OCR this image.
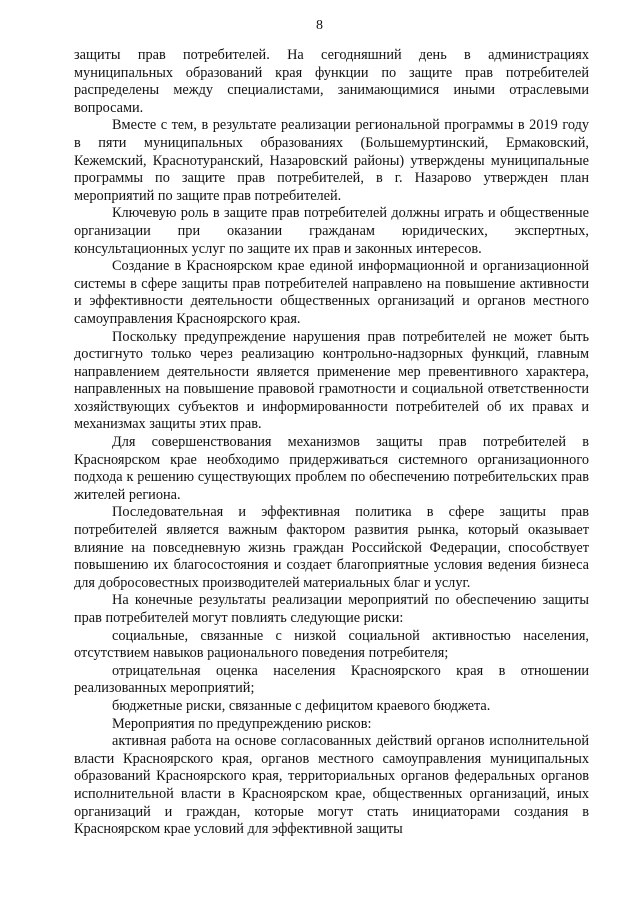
8

защиты прав потребителей. На сегодняшний день в администрациях муниципальных образований края функции по защите прав потребителей распределены между специалистами, занимающимися иными отраслевыми вопросами.

Вместе с тем, в результате реализации региональной программы в 2019 году в пяти муниципальных образованиях (Большемуртинский, Ермаковский, Кежемский, Краснотуранский, Назаровский районы) утверждены муниципальные программы по защите прав потребителей, в г. Назарово утвержден план мероприятий по защите прав потребителей.

Ключевую роль в защите прав потребителей должны играть и общественные организации при оказании гражданам юридических, экспертных, консультационных услуг по защите их прав и законных интересов.

Создание в Красноярском крае единой информационной и организационной системы в сфере защиты прав потребителей направлено на повышение активности и эффективности деятельности общественных организаций и органов местного самоуправления Красноярского края.

Поскольку предупреждение нарушения прав потребителей не может быть достигнуто только через реализацию контрольно-надзорных функций, главным направлением деятельности является применение мер превентивного характера, направленных на повышение правовой грамотности и социальной ответственности хозяйствующих субъектов и информированности потребителей об их правах и механизмах защиты этих прав.

Для совершенствования механизмов защиты прав потребителей в Красноярском крае необходимо придерживаться системного организационного подхода к решению существующих проблем по обеспечению потребительских прав жителей региона.

Последовательная и эффективная политика в сфере защиты прав потребителей является важным фактором развития рынка, который оказывает влияние на повседневную жизнь граждан Российской Федерации, способствует повышению их благосостояния и создает благоприятные условия ведения бизнеса для добросовестных производителей материальных благ и услуг.

На конечные результаты реализации мероприятий по обеспечению защиты прав потребителей могут повлиять следующие риски:

социальные, связанные с низкой социальной активностью населения, отсутствием навыков рационального поведения потребителя;

отрицательная оценка населения Красноярского края в отношении реализованных мероприятий;

бюджетные риски, связанные с дефицитом краевого бюджета.

Мероприятия по предупреждению рисков:

активная работа на основе согласованных действий органов исполнительной власти Красноярского края, органов местного самоуправления муниципальных образований Красноярского края, территориальных органов федеральных органов исполнительной власти в Красноярском крае, общественных организаций, иных организаций и граждан, которые могут стать инициаторами создания в Красноярском крае условий для эффективной защиты
